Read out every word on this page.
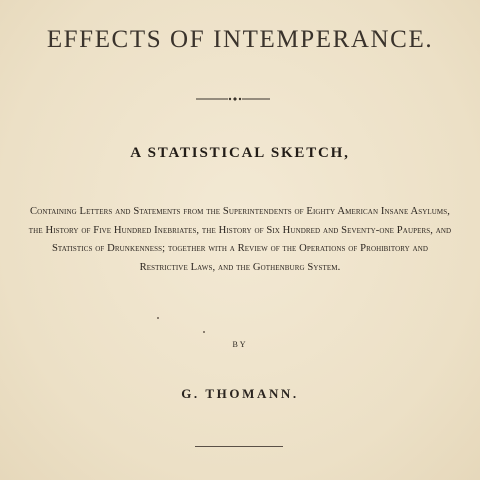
EFFECTS OF INTEMPERANCE.
A STATISTICAL SKETCH,

Containing Letters and Statements from the Superintendents of Eighty American Insane Asylums, the History of Five Hundred Inebriates, the History of Six Hundred and Seventy-one Paupers, and Statistics of Drunkenness; together with a Review of the Operations of Prohibitory and Restrictive Laws, and the Gothenburg System.

BY
G. THOMANN.
